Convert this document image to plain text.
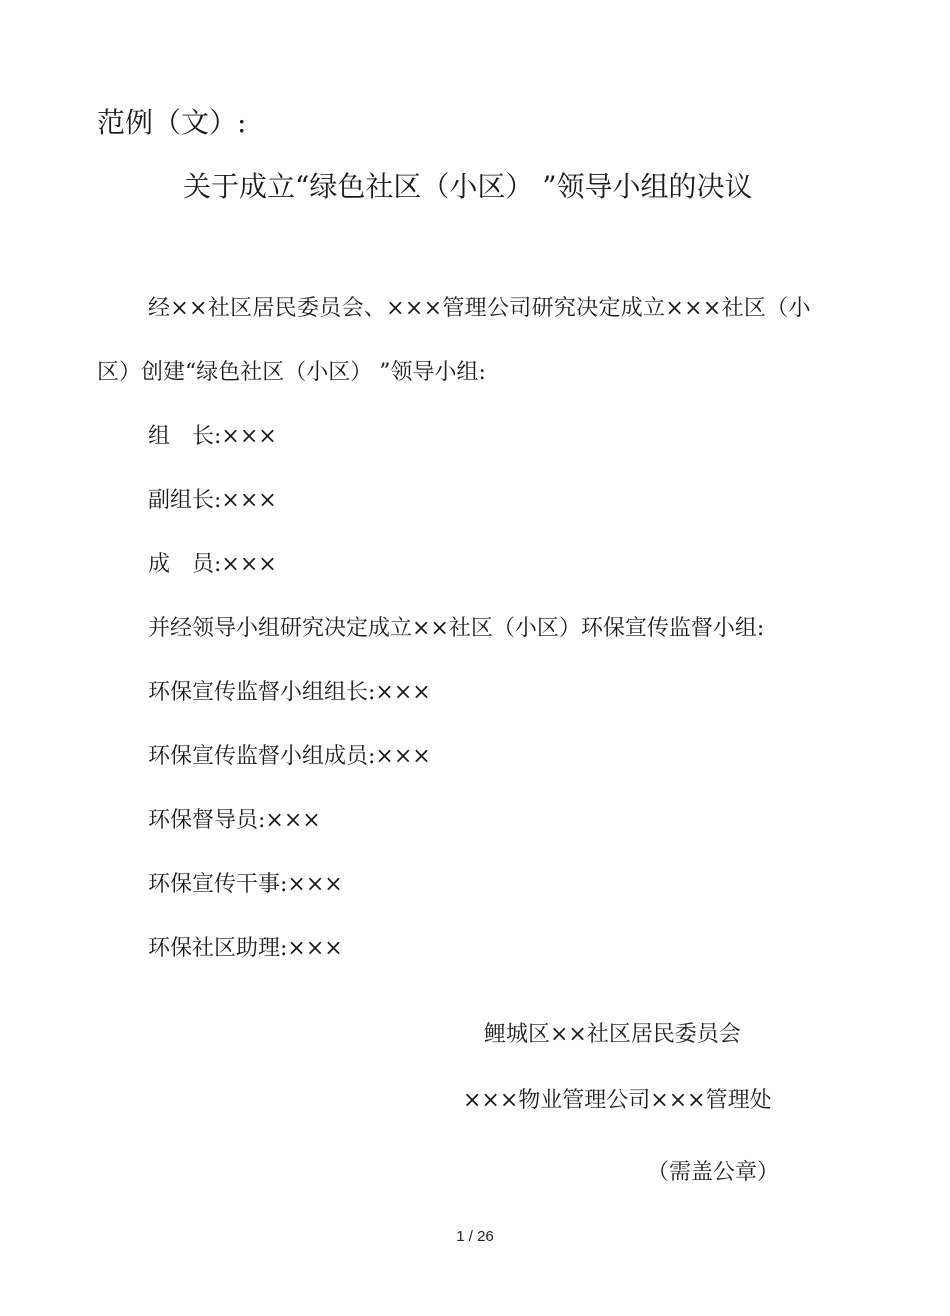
范例（文）:
关于成立“绿色社区（小区） ”领导小组的决议
经××社区居民委员会、×××管理公司研究决定成立×××社区（小
区）创建“绿色社区（小区） ”领导小组:
组　长:×××
副组长:×××
成　员:×××
并经领导小组研究决定成立××社区（小区）环保宣传监督小组:
环保宣传监督小组组长:×××
环保宣传监督小组成员:×××
环保督导员:×××
环保宣传干事:×××
环保社区助理:×××
鲤城区××社区居民委员会
×××物业管理公司×××管理处
（需盖公章）
1 / 26
